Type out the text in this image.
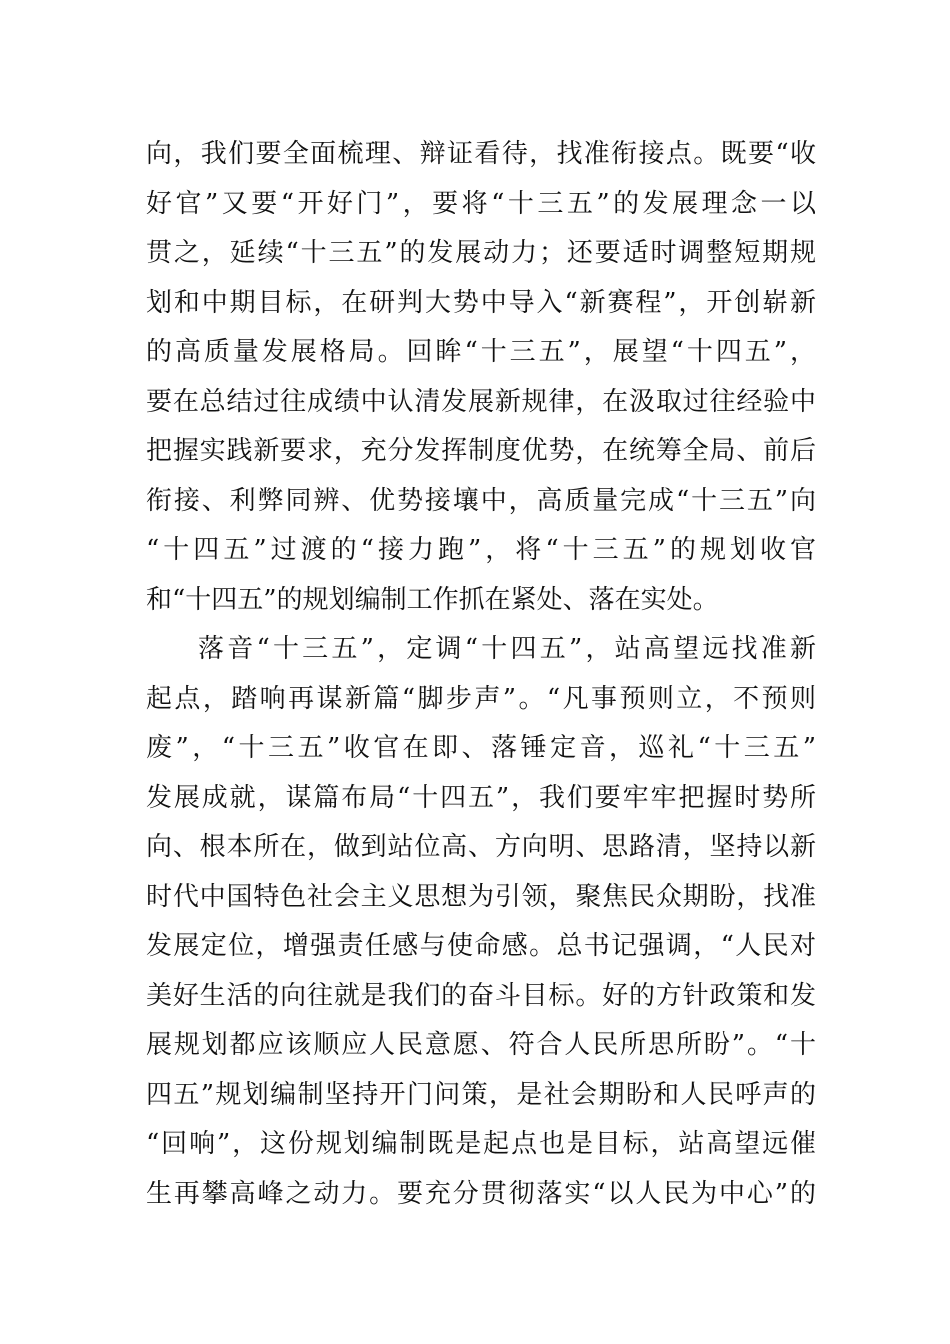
向，我们要全面梳理、辩证看待，找准衔接点。既要“收
好官”又要“开好门”，要将“十三五”的发展理念一以
贯之，延续“十三五”的发展动力；还要适时调整短期规
划和中期目标，在研判大势中导入“新赛程”，开创崭新
的高质量发展格局。回眸“十三五”，展望“十四五”，
要在总结过往成绩中认清发展新规律，在汲取过往经验中
把握实践新要求，充分发挥制度优势，在统筹全局、前后
衔接、利弊同辨、优势接壤中，高质量完成“十三五”向
“十四五”过渡的“接力跑”，将“十三五”的规划收官
和“十四五”的规划编制工作抓在紧处、落在实处。
落音“十三五”，定调“十四五”，站高望远找准新
起点，踏响再谋新篇“脚步声”。“凡事预则立，不预则
废”，“十三五”收官在即、落锤定音，巡礼“十三五”
发展成就，谋篇布局“十四五”，我们要牢牢把握时势所
向、根本所在，做到站位高、方向明、思路清，坚持以新
时代中国特色社会主义思想为引领，聚焦民众期盼，找准
发展定位，增强责任感与使命感。总书记强调，“人民对
美好生活的向往就是我们的奋斗目标。好的方针政策和发
展规划都应该顺应人民意愿、符合人民所思所盼”。“十
四五”规划编制坚持开门问策，是社会期盼和人民呼声的
“回响”，这份规划编制既是起点也是目标，站高望远催
生再攀高峰之动力。要充分贯彻落实“以人民为中心”的
